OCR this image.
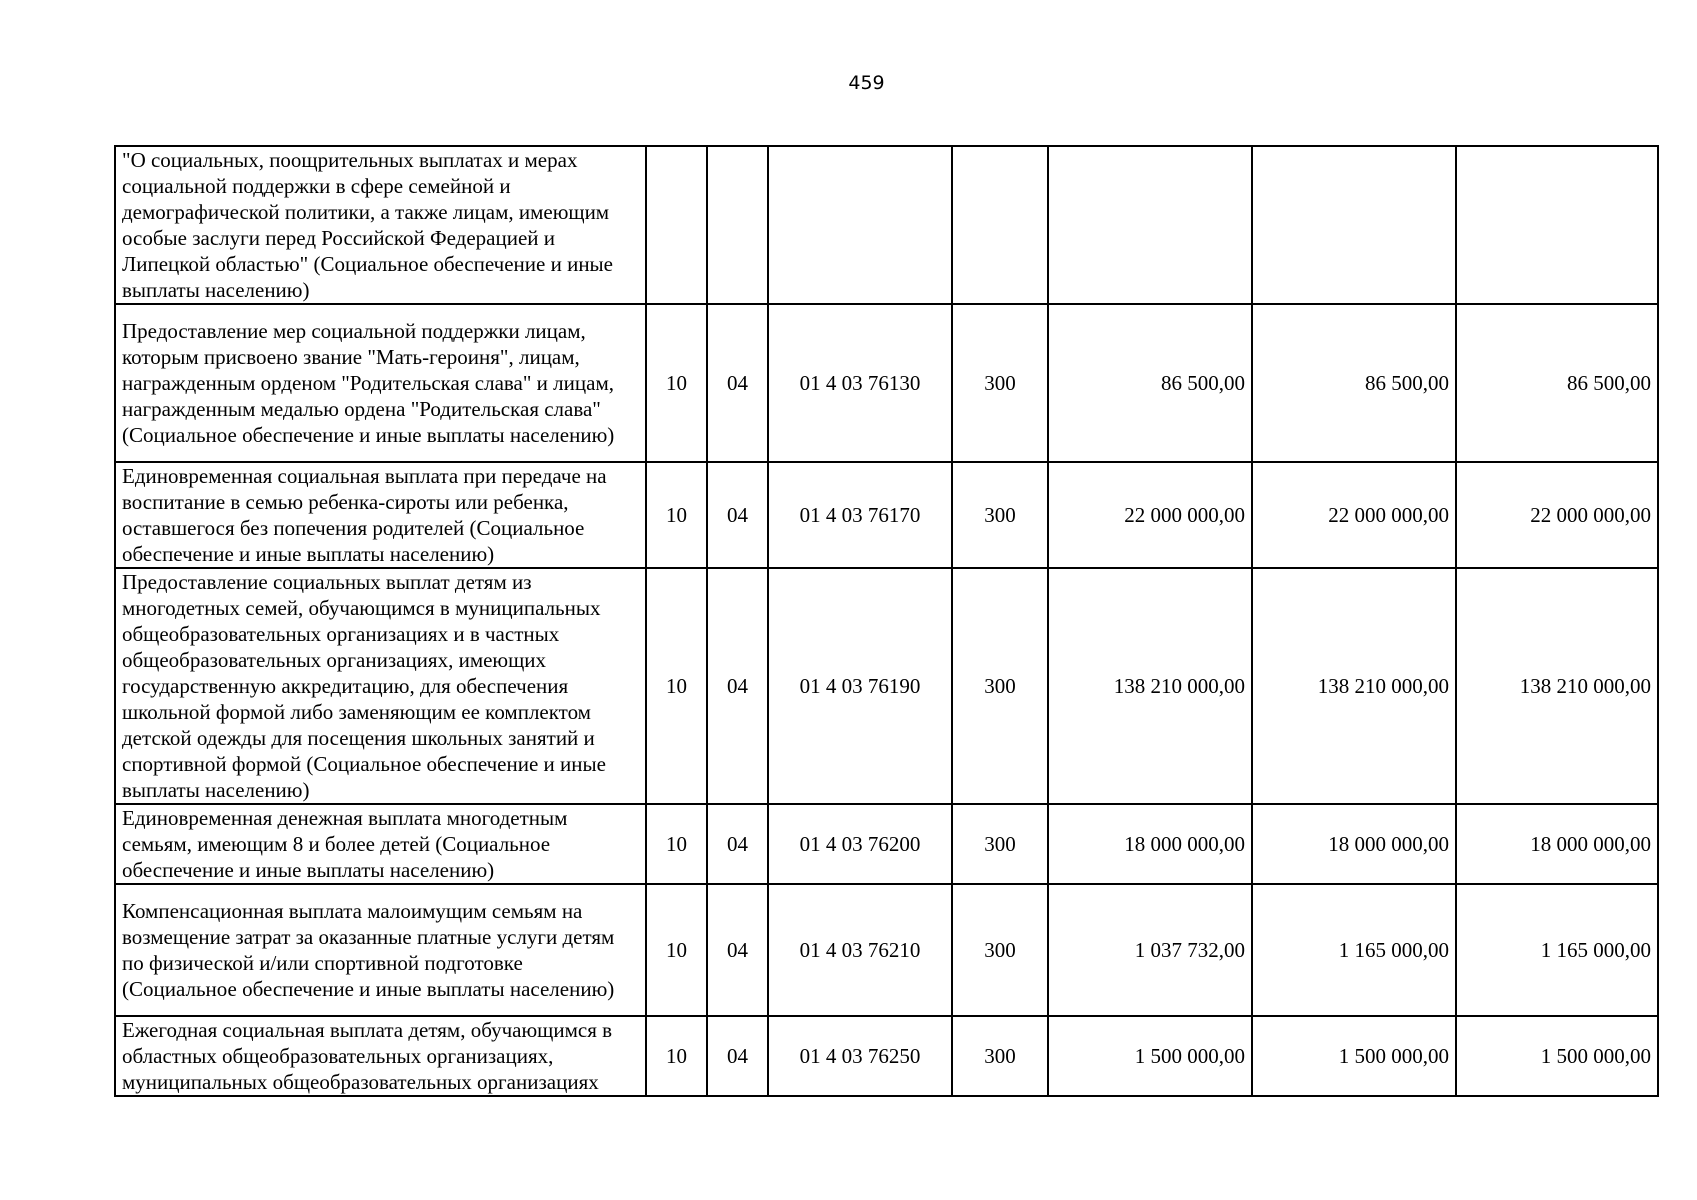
459
"О социальных, поощрительных выплатах и мерах социальной поддержки в сфере семейной и демографической политики, а также лицам, имеющим особые заслуги перед Российской Федерацией и Липецкой областью" (Социальное обеспечение и иные выплаты населению)							
Предоставление мер социальной поддержки лицам, которым присвоено звание "Мать-героиня", лицам, награжденным орденом "Родительская слава" и лицам, награжденным медалью ордена "Родительская слава" (Социальное обеспечение и иные выплаты населению)	10	04	01 4 03 76130	300	86 500,00	86 500,00	86 500,00
Единовременная социальная выплата при передаче на воспитание в семью ребенка-сироты или ребенка, оставшегося без попечения родителей (Социальное обеспечение и иные выплаты населению)	10	04	01 4 03 76170	300	22 000 000,00	22 000 000,00	22 000 000,00
Предоставление социальных выплат детям из многодетных семей, обучающимся в муниципальных общеобразовательных организациях и в частных общеобразовательных организациях, имеющих государственную аккредитацию, для обеспечения школьной формой либо заменяющим ее комплектом детской одежды для посещения школьных занятий и спортивной формой (Социальное обеспечение и иные выплаты населению)	10	04	01 4 03 76190	300	138 210 000,00	138 210 000,00	138 210 000,00
Единовременная денежная выплата многодетным семьям, имеющим 8 и более детей (Социальное обеспечение и иные выплаты населению)	10	04	01 4 03 76200	300	18 000 000,00	18 000 000,00	18 000 000,00
Компенсационная выплата малоимущим семьям на возмещение затрат за оказанные платные услуги детям по физической и/или спортивной подготовке (Социальное обеспечение и иные выплаты населению)	10	04	01 4 03 76210	300	1 037 732,00	1 165 000,00	1 165 000,00
Ежегодная социальная выплата детям, обучающимся в областных общеобразовательных организациях, муниципальных общеобразовательных организациях	10	04	01 4 03 76250	300	1 500 000,00	1 500 000,00	1 500 000,00
